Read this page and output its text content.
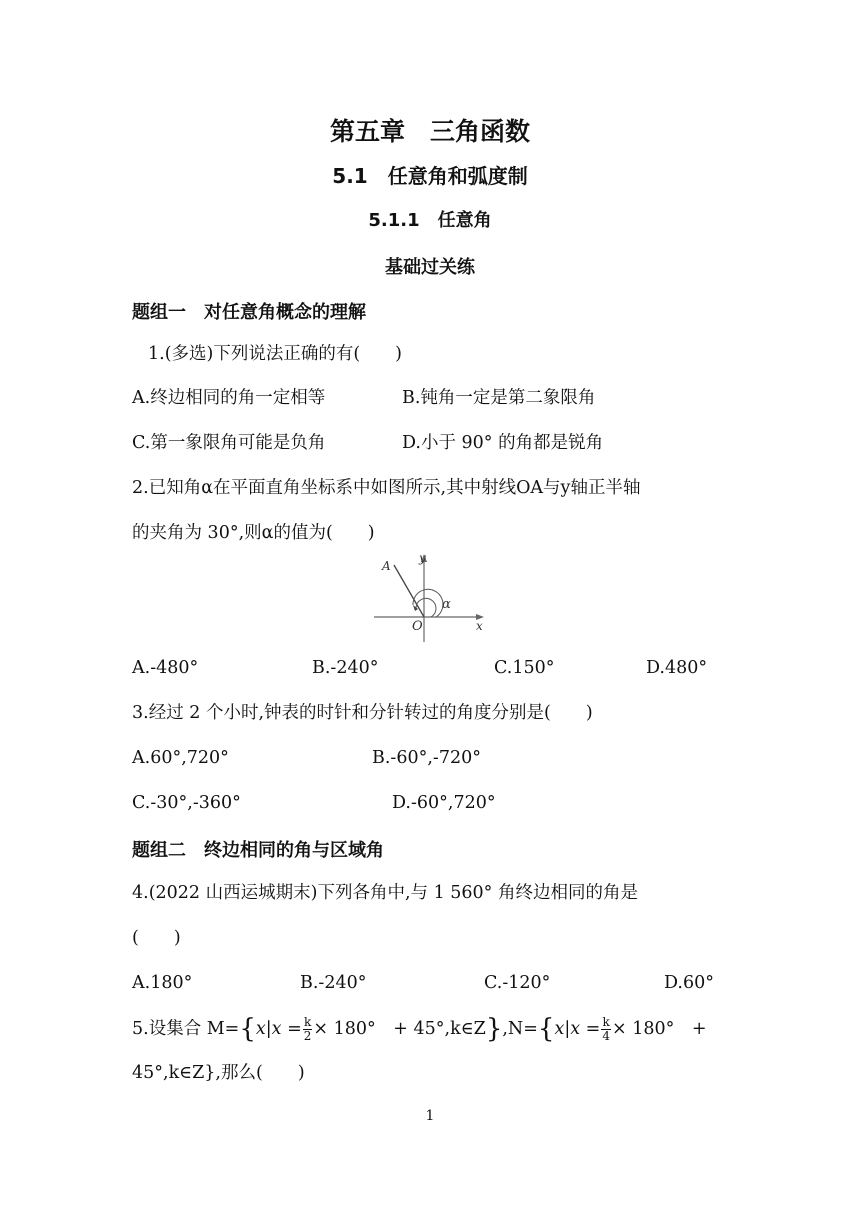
第五章　三角函数
5.1　任意角和弧度制
5.1.1　任意角
基础过关练
题组一　对任意角概念的理解
1.(多选)下列说法正确的有(　　)
A.终边相同的角一定相等	B.钝角一定是第二象限角
C.第一象限角可能是负角	D.小于 90° 的角都是锐角
2.已知角α在平面直角坐标系中如图所示,其中射线OA与y轴正半轴
的夹角为 30°,则α的值为(　　)
A
y
α
O	x
A.-480°	B.-240°	C.150°	D.480°
3.经过 2 个小时,钟表的时针和分针转过的角度分别是(　　)
A.60°,720°	B.-60°,-720°
C.-30°,-360°	D.-60°,720°
题组二　终边相同的角与区域角
4.(2022 山西运城期末)下列各角中,与 1 560° 角终边相同的角是
(　　)
A.180°	B.-240°	C.-120°	D.60°
5.设集合 $M=\{x|x = \frac{k}{2} \times 180^\circ$　+ 45°,k∈Z},N={x|x = $\frac{k}{4} \times 180^\circ$　+
45°,k∈Z},那么(　　)
1
